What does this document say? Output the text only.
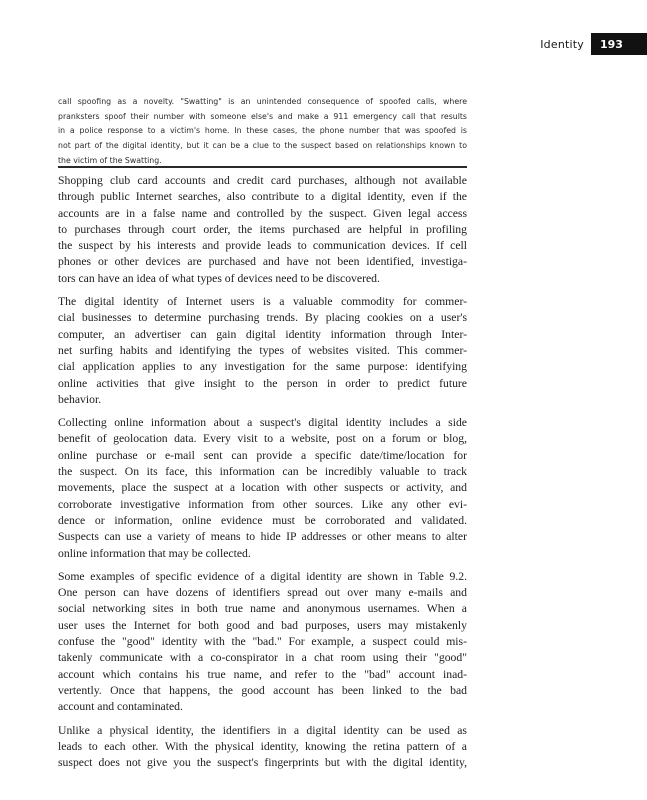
Identity	193
call spoofing as a novelty. "Swatting" is an unintended consequence of spoofed calls, where
pranksters spoof their number with someone else's and make a 911 emergency call that results
in a police response to a victim's home. In these cases, the phone number that was spoofed is
not part of the digital identity, but it can be a clue to the suspect based on relationships known to
the victim of the Swatting.
Shopping club card accounts and credit card purchases, although not available
through public Internet searches, also contribute to a digital identity, even if the
accounts are in a false name and controlled by the suspect. Given legal access
to purchases through court order, the items purchased are helpful in profiling
the suspect by his interests and provide leads to communication devices. If cell
phones or other devices are purchased and have not been identified, investiga-
tors can have an idea of what types of devices need to be discovered.
The digital identity of Internet users is a valuable commodity for commer-
cial businesses to determine purchasing trends. By placing cookies on a user's
computer, an advertiser can gain digital identity information through Inter-
net surfing habits and identifying the types of websites visited. This commer-
cial application applies to any investigation for the same purpose: identifying
online activities that give insight to the person in order to predict future
behavior.
Collecting online information about a suspect's digital identity includes a side
benefit of geolocation data. Every visit to a website, post on a forum or blog,
online purchase or e-mail sent can provide a specific date/time/location for
the suspect. On its face, this information can be incredibly valuable to track
movements, place the suspect at a location with other suspects or activity, and
corroborate investigative information from other sources. Like any other evi-
dence or information, online evidence must be corroborated and validated.
Suspects can use a variety of means to hide IP addresses or other means to alter
online information that may be collected.
Some examples of specific evidence of a digital identity are shown in Table 9.2.
One person can have dozens of identifiers spread out over many e-mails and
social networking sites in both true name and anonymous usernames. When a
user uses the Internet for both good and bad purposes, users may mistakenly
confuse the "good" identity with the "bad." For example, a suspect could mis-
takenly communicate with a co-conspirator in a chat room using their "good"
account which contains his true name, and refer to the "bad" account inad-
vertently. Once that happens, the good account has been linked to the bad
account and contaminated.
Unlike a physical identity, the identifiers in a digital identity can be used as
leads to each other. With the physical identity, knowing the retina pattern of a
suspect does not give you the suspect's fingerprints but with the digital identity,
